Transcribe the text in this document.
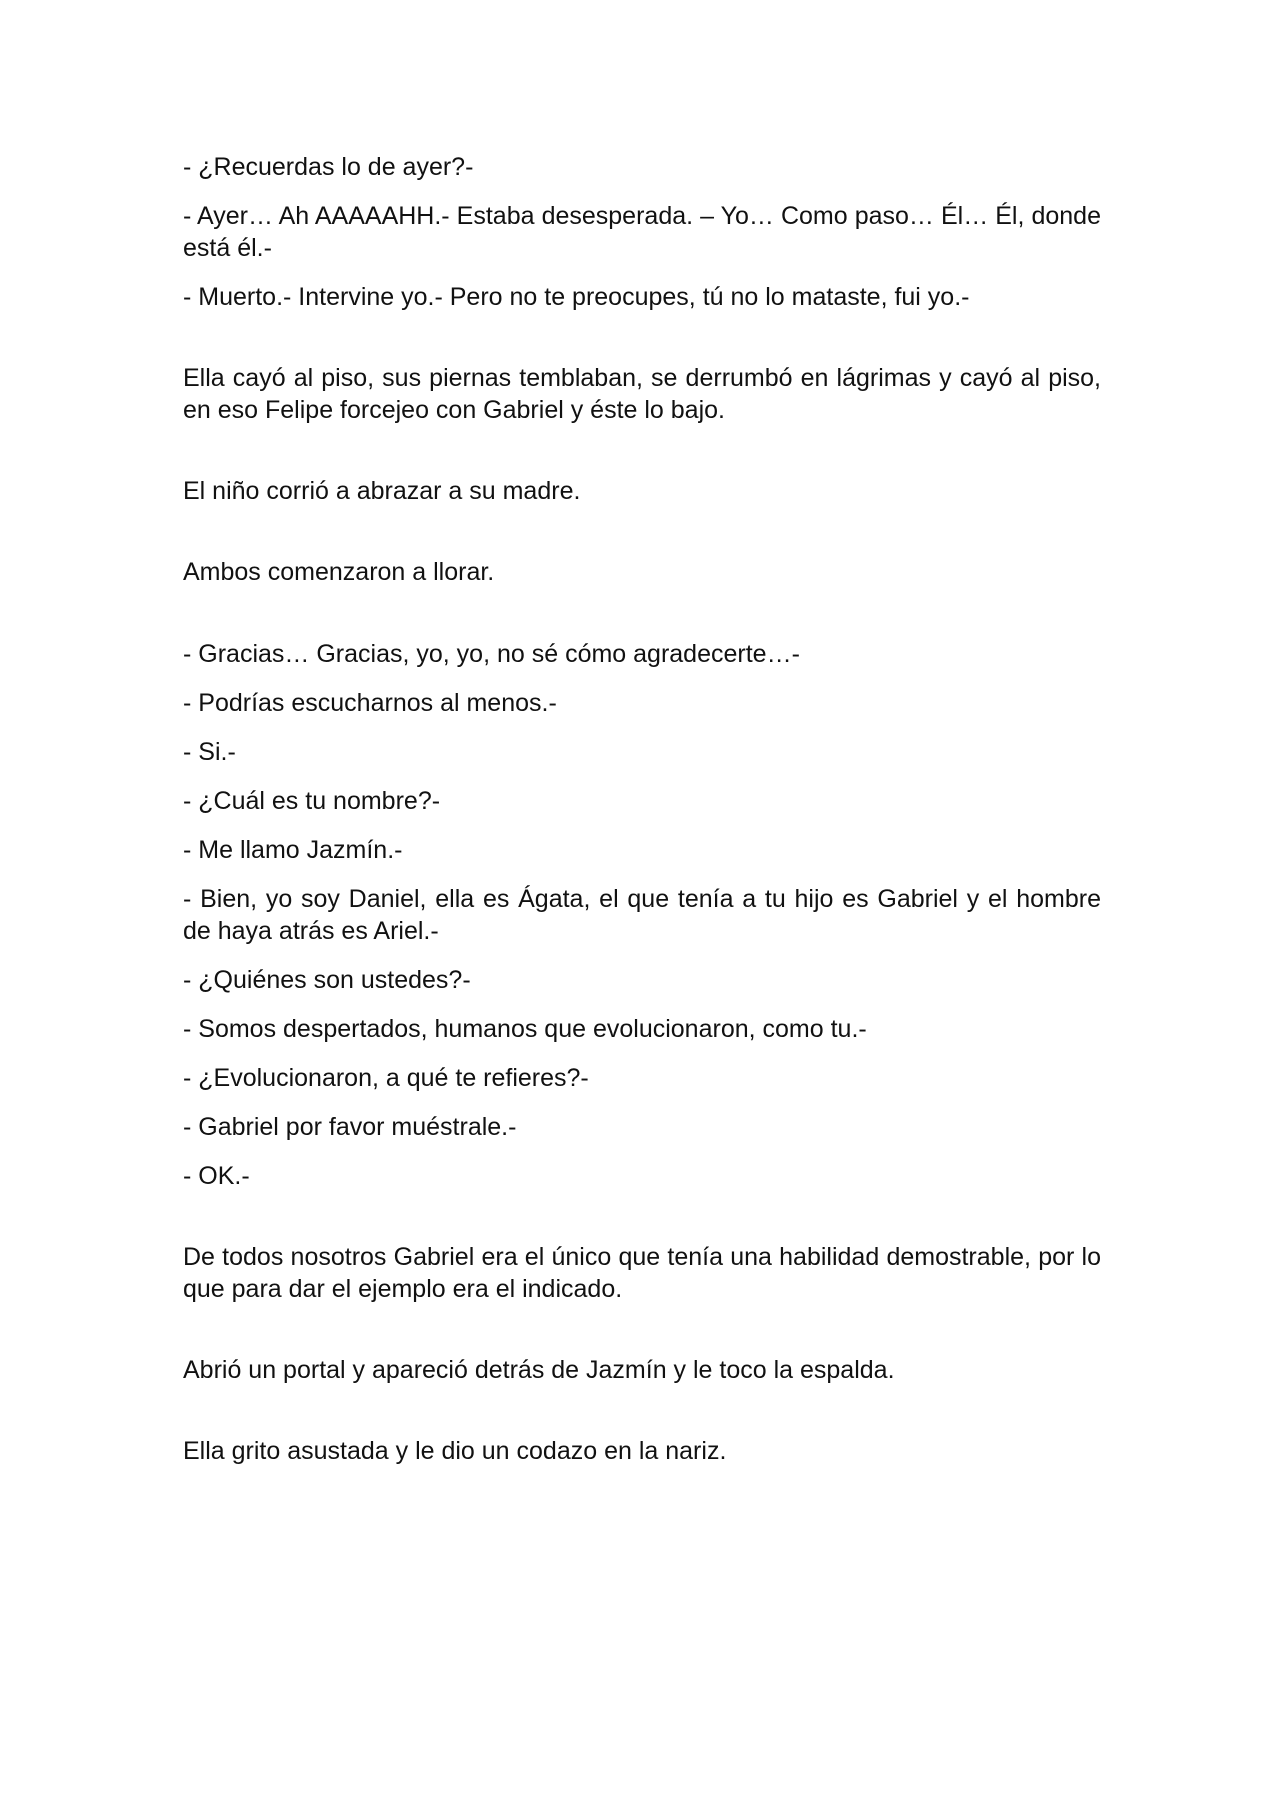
- ¿Recuerdas lo de ayer?-

- Ayer… Ah AAAAAHH.- Estaba desesperada. – Yo… Como paso… Él… Él, donde está él.-

- Muerto.- Intervine yo.- Pero no te preocupes, tú no lo mataste, fui yo.-

Ella cayó al piso, sus piernas temblaban, se derrumbó en lágrimas y cayó al piso, en eso Felipe forcejeo con Gabriel y éste lo bajo.

El niño corrió a abrazar a su madre.

Ambos comenzaron a llorar.

- Gracias… Gracias, yo, yo, no sé cómo agradecerte…-

- Podrías escucharnos al menos.-

- Si.-

- ¿Cuál es tu nombre?-

- Me llamo Jazmín.-

- Bien, yo soy Daniel, ella es Ágata, el que tenía a tu hijo es Gabriel y el hombre de haya atrás es Ariel.-

- ¿Quiénes son ustedes?-

- Somos despertados, humanos que evolucionaron, como tu.-

- ¿Evolucionaron, a qué te refieres?-

- Gabriel por favor muéstrale.-

- OK.-

De todos nosotros Gabriel era el único que tenía una habilidad demostrable, por lo que para dar el ejemplo era el indicado.

Abrió un portal y apareció detrás de Jazmín y le toco la espalda.

Ella grito asustada y le dio un codazo en la nariz.
